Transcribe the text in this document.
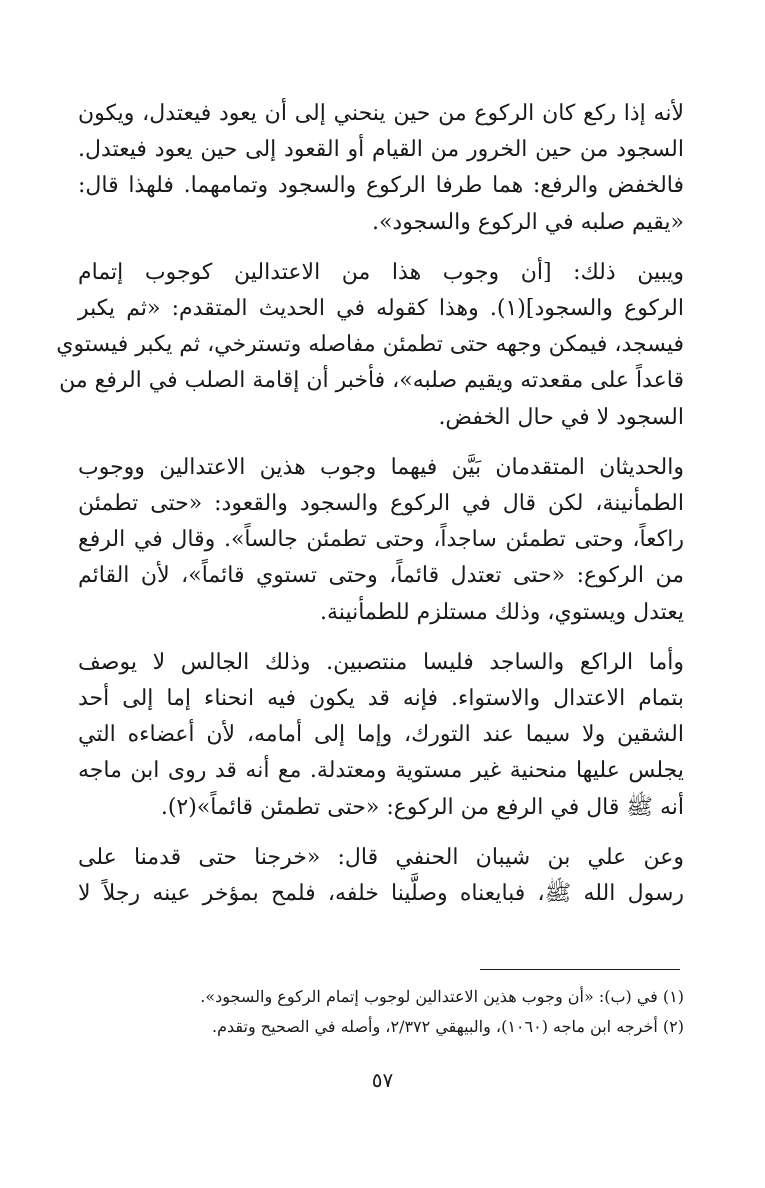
لأنه إذا ركع كان الركوع من حين ينحني إلى أن يعود فيعتدل، ويكون
السجود من حين الخرور من القيام أو القعود إلى حين يعود فيعتدل.
فالخفض والرفع: هما طرفا الركوع والسجود وتمامهما. فلهذا قال:
«يقيم صلبه في الركوع والسجود».

ويبين ذلك: [أن وجوب هذا من الاعتدالين كوجوب إتمام
الركوع والسجود](١). وهذا كقوله في الحديث المتقدم: «ثم يكبر
فيسجد، فيمكن وجهه حتى تطمئن مفاصله وتسترخي، ثم يكبر فيستوي
قاعداً على مقعدته ويقيم صلبه»، فأخبر أن إقامة الصلب في الرفع من
السجود لا في حال الخفض.

والحديثان المتقدمان بَيَّن فيهما وجوب هذين الاعتدالين ووجوب
الطمأنينة، لكن قال في الركوع والسجود والقعود: «حتى تطمئن
راكعاً، وحتى تطمئن ساجداً، وحتى تطمئن جالساً». وقال في الرفع
من الركوع: «حتى تعتدل قائماً، وحتى تستوي قائماً»، لأن القائم
يعتدل ويستوي، وذلك مستلزم للطمأنينة.

وأما الراكع والساجد فليسا منتصبين. وذلك الجالس لا يوصف
بتمام الاعتدال والاستواء. فإنه قد يكون فيه انحناء إما إلى أحد
الشقين ولا سيما عند التورك، وإما إلى أمامه، لأن أعضاءه التي
يجلس عليها منحنية غير مستوية ومعتدلة. مع أنه قد روى ابن ماجه
أنه ﷺ قال في الرفع من الركوع: «حتى تطمئن قائماً»(٢).

وعن علي بن شيبان الحنفي قال: «خرجنا حتى قدمنا على
رسول الله ﷺ، فبايعناه وصلَّينا خلفه، فلمح بمؤخر عينه رجلاً لا

(١) في (ب): «أن وجوب هذين الاعتدالين لوجوب إتمام الركوع والسجود».
(٢) أخرجه ابن ماجه (١٠٦٠)، والبيهقي ٢/٣٧٢، وأصله في الصحيح وتقدم.
٥٧
